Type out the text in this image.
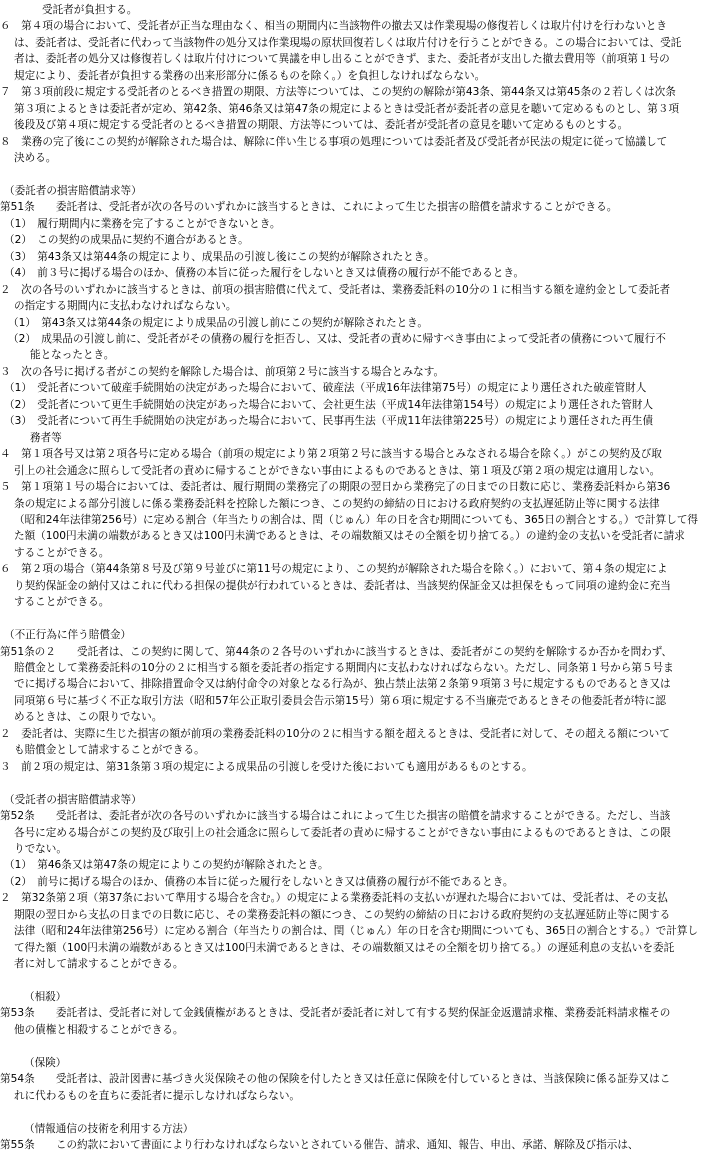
受託者が負担する。
６　第４項の場合において、受託者が正当な理由なく、相当の期間内に当該物件の撤去又は作業現場の修復若しくは取片付けを行わないとき
は、委託者は、受託者に代わって当該物件の処分又は作業現場の原状回復若しくは取片付けを行うことができる。この場合においては、受託
者は、委託者の処分又は修復若しくは取片付けについて異議を申し出ることができず、また、委託者が支出した撤去費用等（前項第１号の
規定により、委託者が負担する業務の出来形部分に係るものを除く。）を負担しなければならない。
７　第３項前段に規定する受託者のとるべき措置の期限、方法等については、この契約の解除が第43条、第44条又は第45条の２若しくは次条
第３項によるときは委託者が定め、第42条、第46条又は第47条の規定によるときは受託者が委託者の意見を聴いて定めるものとし、第３項
後段及び第４項に規定する受託者のとるべき措置の期限、方法等については、委託者が受託者の意見を聴いて定めるものとする。
８　業務の完了後にこの契約が解除された場合は、解除に伴い生じる事項の処理については委託者及び受託者が民法の規定に従って協議して
決める。
（委託者の損害賠償請求等）
第51条　　委託者は、受託者が次の各号のいずれかに該当するときは、これによって生じた損害の賠償を請求することができる。
（1）　履行期間内に業務を完了することができないとき。
（2）　この契約の成果品に契約不適合があるとき。
（3）　第43条又は第44条の規定により、成果品の引渡し後にこの契約が解除されたとき。
（4）　前３号に掲げる場合のほか、債務の本旨に従った履行をしないとき又は債務の履行が不能であるとき。
２　次の各号のいずれかに該当するときは、前項の損害賠償に代えて、受託者は、業務委託料の10分の１に相当する額を違約金として委託者
の指定する期間内に支払わなければならない。
（1）　第43条又は第44条の規定により成果品の引渡し前にこの契約が解除されたとき。
（2）　成果品の引渡し前に、受託者がその債務の履行を拒否し、又は、受託者の責めに帰すべき事由によって受託者の債務について履行不
能となったとき。
３　次の各号に掲げる者がこの契約を解除した場合は、前項第２号に該当する場合とみなす。
（1）　受託者について破産手続開始の決定があった場合において、破産法（平成16年法律第75号）の規定により選任された破産管財人
（2）　受託者について更生手続開始の決定があった場合において、会社更生法（平成14年法律第154号）の規定により選任された管財人
（3）　受託者について再生手続開始の決定があった場合において、民事再生法（平成11年法律第225号）の規定により選任された再生債
務者等
４　第１項各号又は第２項各号に定める場合（前項の規定により第２項第２号に該当する場合とみなされる場合を除く。）がこの契約及び取
引上の社会通念に照らして受託者の責めに帰することができない事由によるものであるときは、第１項及び第２項の規定は適用しない。
５　第１項第１号の場合においては、委託者は、履行期間の業務完了の期限の翌日から業務完了の日までの日数に応じ、業務委託料から第36
条の規定による部分引渡しに係る業務委託料を控除した額につき、この契約の締結の日における政府契約の支払遅延防止等に関する法律
（昭和24年法律第256号）に定める割合（年当たりの割合は、閏（じゅん）年の日を含む期間についても、365日の割合とする。）で計算して得
た額（100円未満の端数があるとき又は100円未満であるときは、その端数額又はその全額を切り捨てる。）の違約金の支払いを受託者に請求
することができる。
６　第２項の場合（第44条第８号及び第９号並びに第11号の規定により、この契約が解除された場合を除く。）において、第４条の規定によ
り契約保証金の納付又はこれに代わる担保の提供が行われているときは、委託者は、当該契約保証金又は担保をもって同項の違約金に充当
することができる。
（不正行為に伴う賠償金）
第51条の２　　受託者は、この契約に関して、第44条の２各号のいずれかに該当するときは、委託者がこの契約を解除するか否かを問わず、
賠償金として業務委託料の10分の２に相当する額を委託者の指定する期間内に支払わなければならない。ただし、同条第１号から第５号ま
でに掲げる場合において、排除措置命令又は納付命令の対象となる行為が、独占禁止法第２条第９項第３号に規定するものであるとき又は
同項第６号に基づく不正な取引方法（昭和57年公正取引委員会告示第15号）第６項に規定する不当廉売であるときその他委託者が特に認
めるときは、この限りでない。
２　委託者は、実際に生じた損害の額が前項の業務委託料の10分の２に相当する額を超えるときは、受託者に対して、その超える額について
も賠償金として請求することができる。
３　前２項の規定は、第31条第３項の規定による成果品の引渡しを受けた後においても適用があるものとする。
（受託者の損害賠償請求等）
第52条　　受託者は、委託者が次の各号のいずれかに該当する場合はこれによって生じた損害の賠償を請求することができる。ただし、当該
各号に定める場合がこの契約及び取引上の社会通念に照らして委託者の責めに帰することができない事由によるものであるときは、この限
りでない。
（1）　第46条又は第47条の規定によりこの契約が解除されたとき。
（2）　前号に掲げる場合のほか、債務の本旨に従った履行をしないとき又は債務の履行が不能であるとき。
２　第32条第２項（第37条において準用する場合を含む。）の規定による業務委託料の支払いが遅れた場合においては、受託者は、その支払
期限の翌日から支払の日までの日数に応じ、その業務委託料の額につき、この契約の締結の日における政府契約の支払遅延防止等に関する
法律（昭和24年法律第256号）に定める割合（年当たりの割合は、閏（じゅん）年の日を含む期間についても、365日の割合とする。）で計算し
て得た額（100円未満の端数があるとき又は100円未満であるときは、その端数額又はその全額を切り捨てる。）の遅延利息の支払いを委託
者に対して請求することができる。
（相殺）
第53条　　委託者は、受託者に対して金銭債権があるときは、受託者が委託者に対して有する契約保証金返還請求権、業務委託料請求権その
他の債権と相殺することができる。
（保険）
第54条　　受託者は、設計図書に基づき火災保険その他の保険を付したとき又は任意に保険を付しているときは、当該保険に係る証券又はこ
れに代わるものを直ちに委託者に提示しなければならない。
（情報通信の技術を利用する方法）
第55条　　この約款において書面により行わなければならないとされている催告、請求、通知、報告、申出、承諾、解除及び指示は、
